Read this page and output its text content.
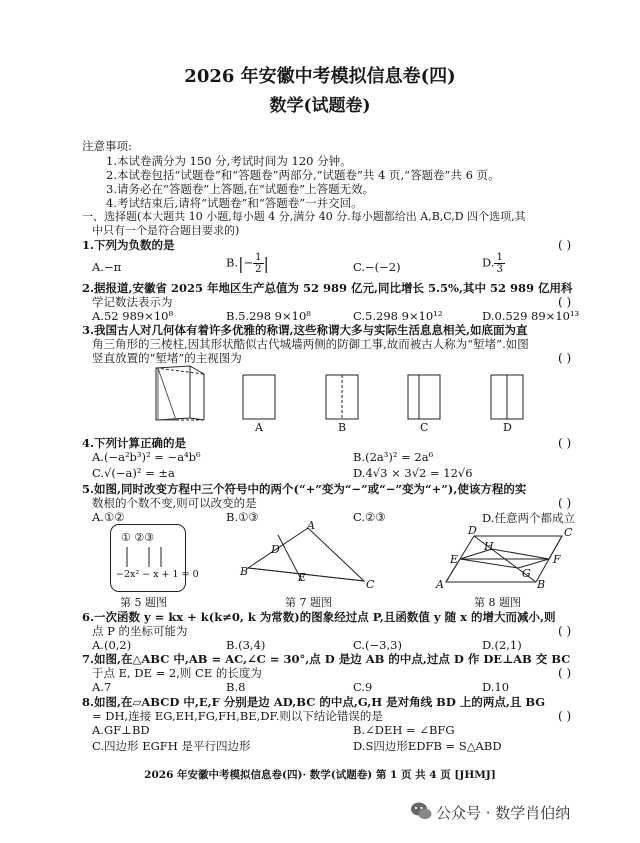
2026 年安徽中考模拟信息卷(四)
数学(试题卷)
注意事项:
1.本试卷满分为 150 分,考试时间为 120 分钟。
2.本试卷包括“试题卷”和“答题卷”两部分,“试题卷”共 4 页,“答题卷”共 6 页。
3.请务必在“答题卷”上答题,在“试题卷”上答题无效。
4.考试结束后,请将“试题卷”和“答题卷”一并交回。
一、选择题(本大题共 10 小题,每小题 4 分,满分 40 分.每小题都给出 A,B,C,D 四个选项,其
中只有一个是符合题目要求的)
1.下列为负数的是	( )
A.−π	$B.|- \frac{1}{2}$ |	C.−(−2)	D. $\frac{1}{3}$
2.据报道,安徽省 2025 年地区生产总值为 52 989 亿元,同比增长 5.5%,其中 52 989 亿用科
学记数法表示为	( )
A.52 989×10⁸	B.5.298 9×10⁸	C.5.298 9×10¹²	D.0.529 89×10¹³
3.我国古人对几何体有着许多优雅的称谓,这些称谓大多与实际生活息息相关,如底面为直
角三角形的三棱柱,因其形状酷似古代城墙两侧的防御工事,故而被古人称为“堑堵”.如图
竖直放置的“堑堵”的主视图为	( )
A	B	C	D
4.下列计算正确的是	( )
A.(−a²b³)² = −a⁴b⁶	B.(2a³)² = 2a⁶
C.√(−a)² = ±a	D.4√3 × 3√2 = 12√6
5.如图,同时改变方程中三个符号中的两个(“+”变为“−”或“−”变为“+”),使该方程的实
数根的个数不变,则可以改变的是	( )
A.①②	B.①③	C.②③	D.任意两个都成立
① ②③
−2x² − x + 1 = 0
第 5 题图
A
C
B	E
D
第 7 题图
D	C
H
E	F
G
A	B
第 8 题图
6.一次函数 y = kx + k(k≠0, k 为常数)的图象经过点 P,且函数值 y 随 x 的增大而减小,则
点 P 的坐标可能为	( )
A.(0,2)	B.(3,4)	C.(−3,3)	D.(2,1)
7.如图,在△ABC 中,AB = AC,∠C = 30°,点 D 是边 AB 的中点,过点 D 作 DE⊥AB 交 BC
于点 E, DE = 2,则 CE 的长度为	( )
A.7	B.8	C.9	D.10
8.如图,在▱ABCD 中,E,F 分别是边 AD,BC 的中点,G,H 是对角线 BD 上的两点,且 BG
= DH,连接 EG,EH,FG,FH,BE,DF.则以下结论错误的是	( )
A.GF⊥BD	B.∠DEH = ∠BFG
C.四边形 EGFH 是平行四边形	D.S四边形EDFB = S△ABD
2026 年安徽中考模拟信息卷(四)· 数学(试题卷) 第 1 页 共 4 页 [JHMJ]
公众号 · 数学肖伯纳
